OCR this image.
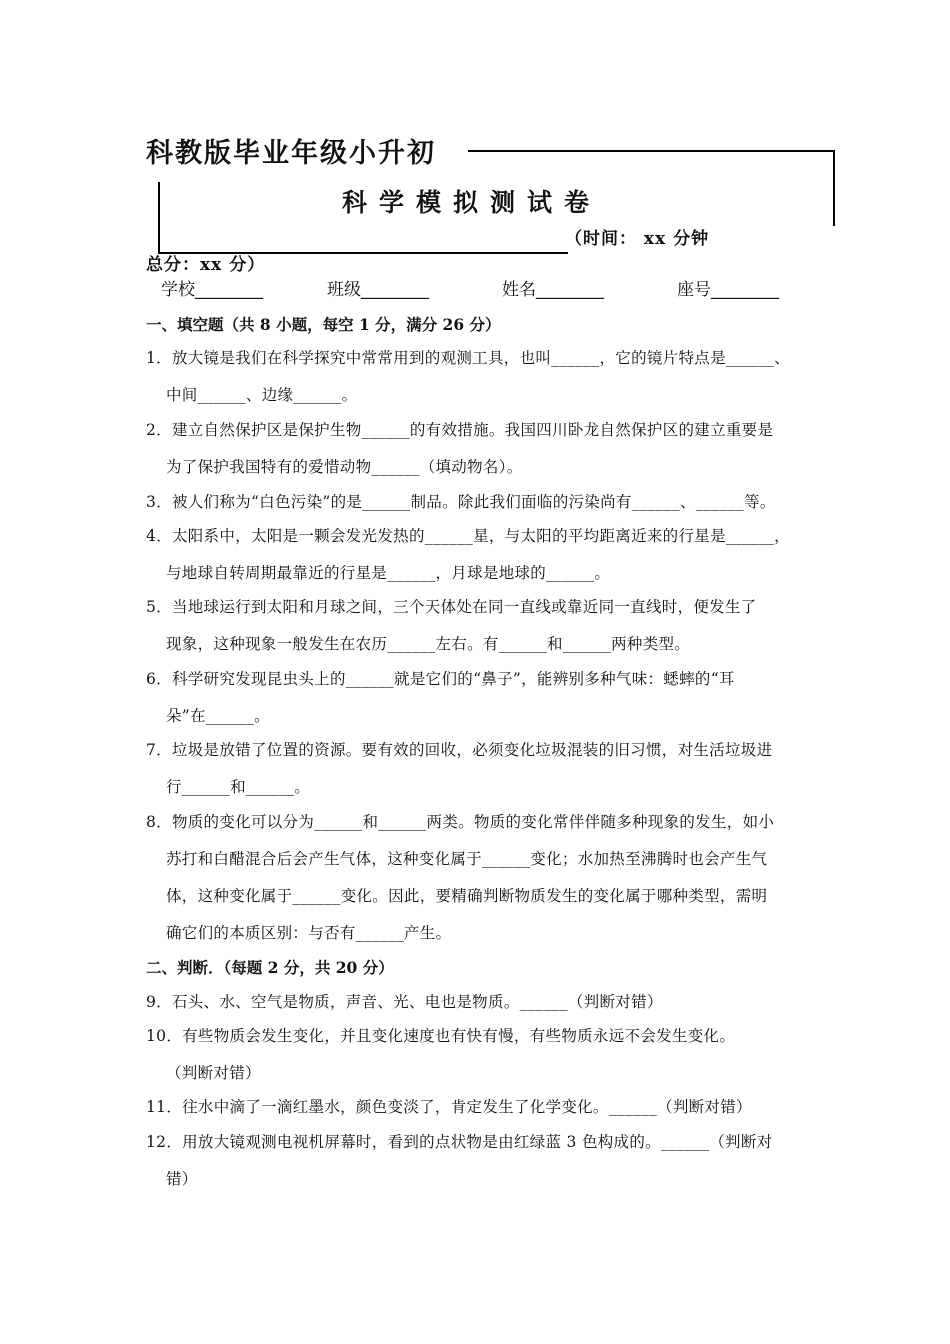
科教版毕业年级小升初
科学模拟测试卷
（时间： xx 分钟
总分：xx 分）
学校________	班级________	姓名________	座号________
一、填空题（共 8 小题，每空 1 分，满分 26 分）
1．放大镜是我们在科学探究中常常用到的观测工具，也叫______，它的镜片特点是______、
中间______、边缘______。
2．建立自然保护区是保护生物______的有效措施。我国四川卧龙自然保护区的建立重要是
为了保护我国特有的爱惜动物______（填动物名）。
3．被人们称为“白色污染”的是______制品。除此我们面临的污染尚有______、______等。
4．太阳系中，太阳是一颗会发光发热的______星，与太阳的平均距离近来的行星是______，
与地球自转周期最靠近的行星是______，月球是地球的______。
5．当地球运行到太阳和月球之间，三个天体处在同一直线或靠近同一直线时，便发生了
现象，这种现象一般发生在农历______左右。有______和______两种类型。
6．科学研究发现昆虫头上的______就是它们的“鼻子”，能辨别多种气味：蟋蟀的“耳
朵”在______。
7．垃圾是放错了位置的资源。要有效的回收，必须变化垃圾混装的旧习惯，对生活垃圾进
行______和______。
8．物质的变化可以分为______和______两类。物质的变化常伴伴随多种现象的发生，如小
苏打和白醋混合后会产生气体，这种变化属于______变化；水加热至沸腾时也会产生气
体，这种变化属于______变化。因此，要精确判断物质发生的变化属于哪种类型，需明
确它们的本质区别：与否有______产生。
二、判断．（每题 2 分，共 20 分）
9．石头、水、空气是物质，声音、光、电也是物质。______（判断对错）
10．有些物质会发生变化，并且变化速度也有快有慢，有些物质永远不会发生变化。
（判断对错）
11．往水中滴了一滴红墨水，颜色变淡了，肯定发生了化学变化。______（判断对错）
12．用放大镜观测电视机屏幕时，看到的点状物是由红绿蓝 3 色构成的。______（判断对
错）
